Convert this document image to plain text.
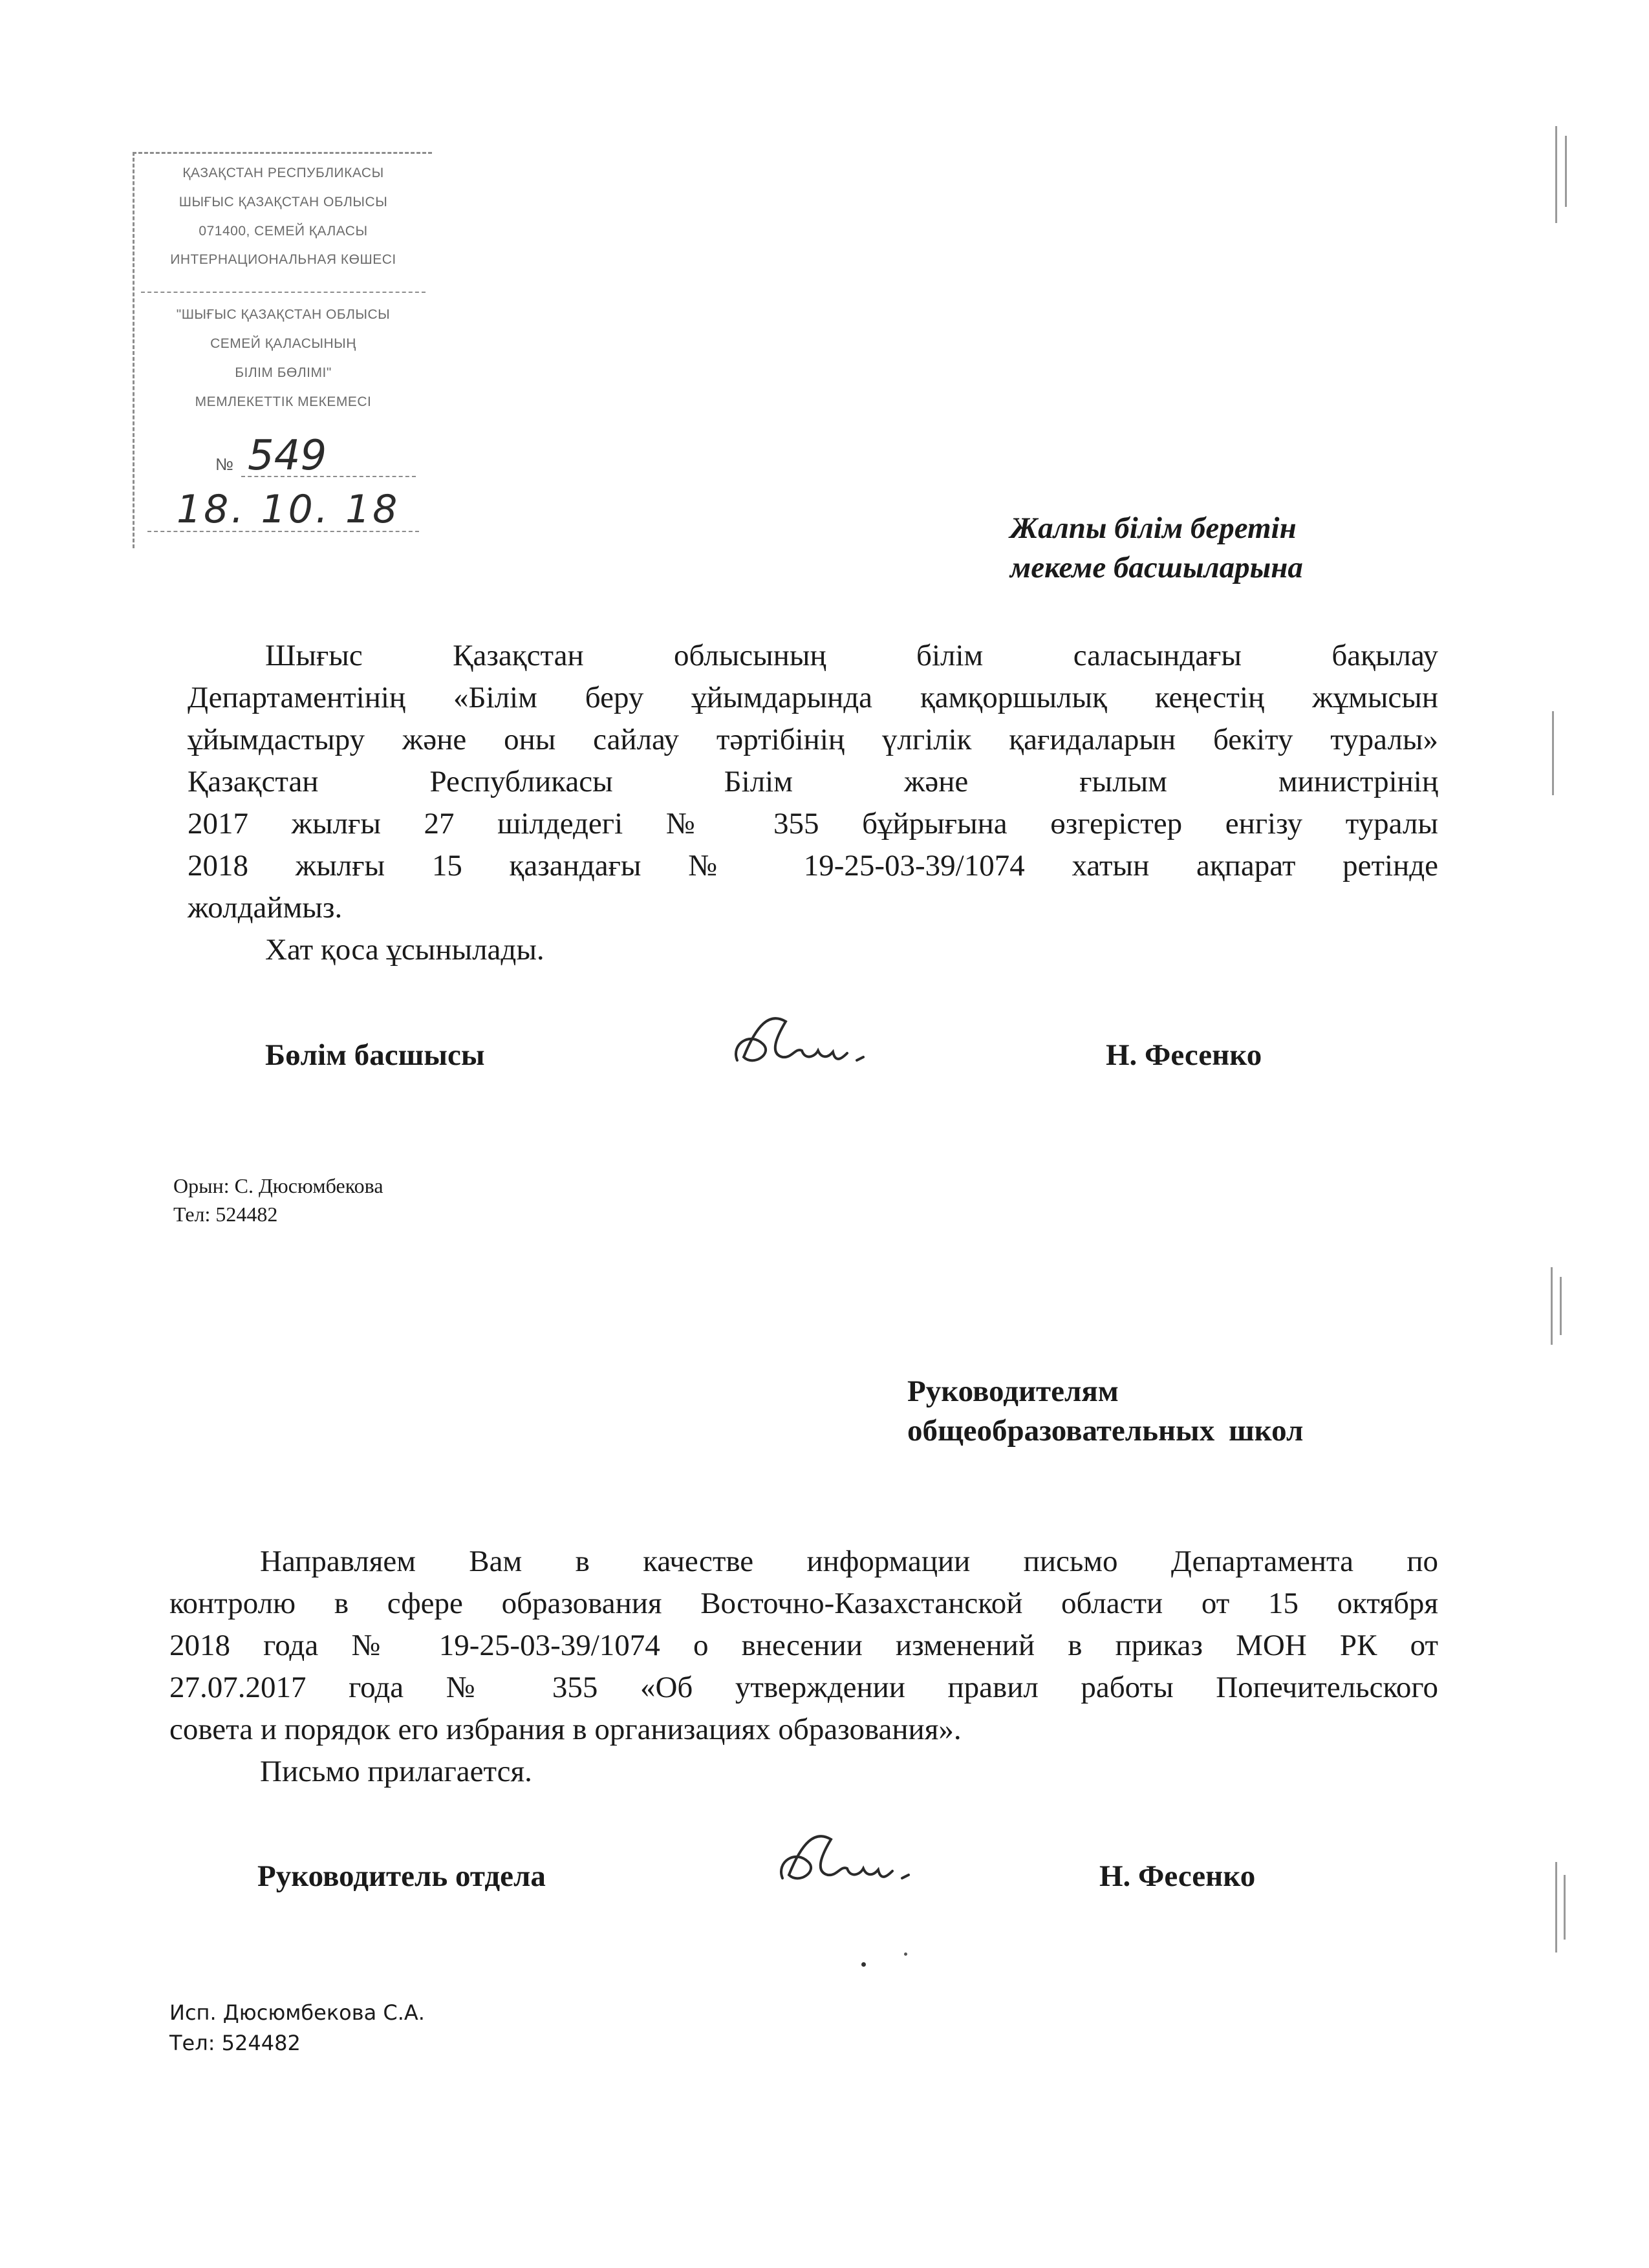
ҚАЗАҚСТАН РЕСПУБЛИКАСЫ
ШЫҒЫС ҚАЗАҚСТАН ОБЛЫСЫ
071400, СЕМЕЙ ҚАЛАСЫ
ИНТЕРНАЦИОНАЛЬНАЯ КӨШЕСІ
"ШЫҒЫС ҚАЗАҚСТАН ОБЛЫСЫ
СЕМЕЙ ҚАЛАСЫНЫҢ
БІЛІМ БӨЛІМІ"
МЕМЛЕКЕТТІК МЕКЕМЕСІ
№ 549
18. 10. 18	Жалпы білім беретін
мекеме басшыларына
Шығыс Қазақстан облысының білім саласындағы бақылау
Департаментінің «Білім беру ұйымдарында қамқоршылық кеңестің жұмысын
ұйымдастыру және оны сайлау тәртібінің үлгілік қағидаларын бекіту туралы»
Қазақстан Республикасы Білім және ғылым министрінің
2017 жылғы 27 шілдедегі № 355 бұйрығына өзгерістер енгізу туралы
2018 жылғы 15 қазандағы № 19-25-03-39/1074 хатын ақпарат ретінде
жолдаймыз.
Хат қоса ұсынылады.
Бөлім басшысы	Н. Фесенко
Орын: С. Дюсюмбекова
Тел: 524482
Руководителям
общеобразовательных школ
Направляем Вам в качестве информации письмо Департамента по
контролю в сфере образования Восточно-Казахстанской области от 15 октября
2018 года № 19-25-03-39/1074 о внесении изменений в приказ МОН РК от
27.07.2017 года № 355 «Об утверждении правил работы Попечительского
совета и порядок его избрания в организациях образования».
Письмо прилагается.
Руководитель отдела	Н. Фесенко
Исп. Дюсюмбекова С.А.
Тел: 524482
